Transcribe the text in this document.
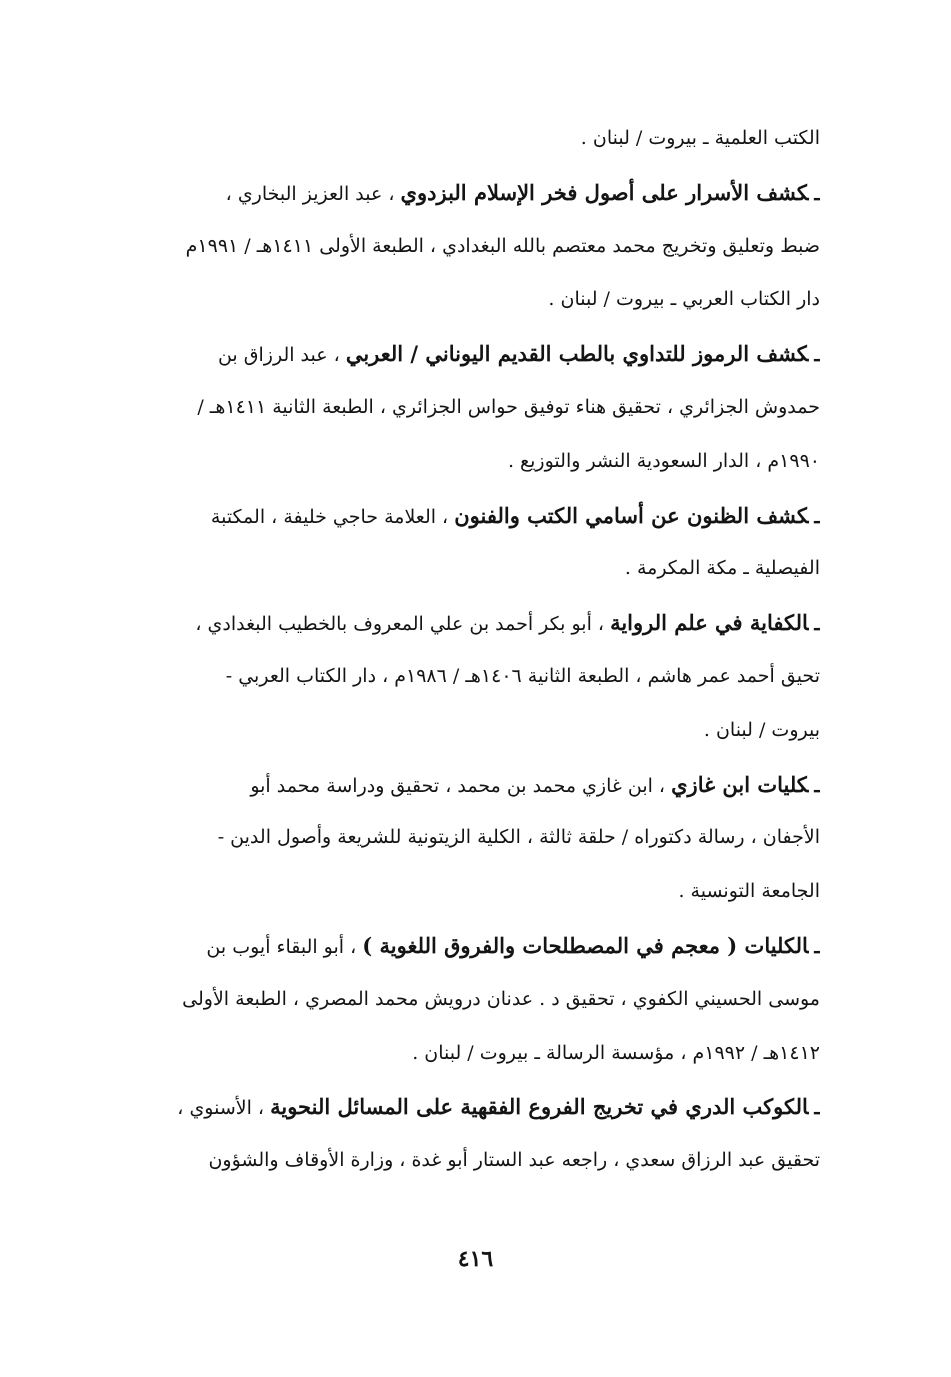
الكتب العلمية ـ بيروت / لبنان .
ـكشف الأسرار على أصول فخر الإسلام البزدوي ، عبد العزيز البخاري ،
ضبط وتعليق وتخريج محمد معتصم بالله البغدادي ، الطبعة الأولى ١٤١١هـ / ١٩٩١م
دار الكتاب العربي ـ بيروت / لبنان .
ـكشف الرموز للتداوي بالطب القديم اليوناني / العربي ، عبد الرزاق بن
حمدوش الجزائري ، تحقيق هناء توفيق حواس الجزائري ، الطبعة الثانية ١٤١١هـ /
١٩٩٠م ، الدار السعودية النشر والتوزيع .
ـكشف الظنون عن أسامي الكتب والفنون ، العلامة حاجي خليفة ، المكتبة
الفيصلية ـ مكة المكرمة .
ـالكفاية في علم الرواية ، أبو بكر أحمد بن علي المعروف بالخطيب البغدادي ،
تحيق أحمد عمر هاشم ، الطبعة الثانية ١٤٠٦هـ / ١٩٨٦م ، دار الكتاب العربي -
بيروت / لبنان .
ـكليات ابن غازي ، ابن غازي محمد بن محمد ، تحقيق ودراسة محمد أبو
الأجفان ، رسالة دكتوراه / حلقة ثالثة ، الكلية الزيتونية للشريعة وأصول الدين -
الجامعة التونسية .
ـالكليات ( معجم في المصطلحات والفروق اللغوية ) ، أبو البقاء أيوب بن
موسى الحسيني الكفوي ، تحقيق د . عدنان درويش محمد المصري ، الطبعة الأولى
١٤١٢هـ / ١٩٩٢م ، مؤسسة الرسالة ـ بيروت / لبنان .
ـالكوكب الدري في تخريج الفروع الفقهية على المسائل النحوية ، الأسنوي ،
تحقيق عبد الرزاق سعدي ، راجعه عبد الستار أبو غدة ، وزارة الأوقاف والشؤون
٤١٦
